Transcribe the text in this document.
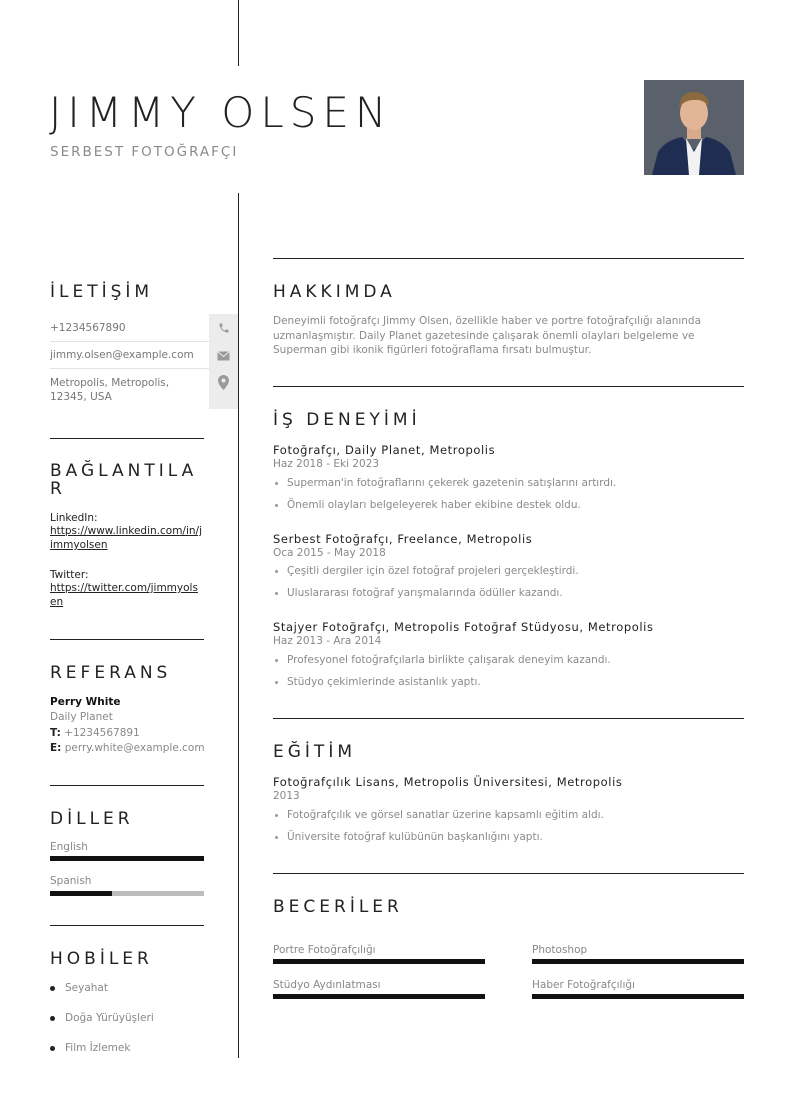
JIMMY OLSEN
SERBEST FOTOĞRAFÇI
İLETİŞİM
+1234567890
jimmy.olsen@example.com
Metropolis, Metropolis, 12345, USA
BAĞLANTILAR
LinkedIn:
https://www.linkedin.com/in/jimmyolsen
Twitter:
https://twitter.com/jimmyolsen
REFERANS
Perry White
Daily Planet
T: +1234567891
E: perry.white@example.com
DİLLER
English
Spanish
HOBİLER
Seyahat
Doğa Yürüyüşleri
Film İzlemek
HAKKIMDA
Deneyimli fotoğrafçı Jimmy Olsen, özellikle haber ve portre fotoğrafçılığı alanında uzmanlaşmıştır. Daily Planet gazetesinde çalışarak önemli olayları belgeleme ve Superman gibi ikonik figürleri fotoğraflama fırsatı bulmuştur.
İŞ DENEYİMİ
Fotoğrafçı, Daily Planet, Metropolis
Haz 2018 - Eki 2023
Superman'in fotoğraflarını çekerek gazetenin satışlarını artırdı.
Önemli olayları belgeleyerek haber ekibine destek oldu.
Serbest Fotoğrafçı, Freelance, Metropolis
Oca 2015 - May 2018
Çeşitli dergiler için özel fotoğraf projeleri gerçekleştirdi.
Uluslararası fotoğraf yarışmalarında ödüller kazandı.
Stajyer Fotoğrafçı, Metropolis Fotoğraf Stüdyosu, Metropolis
Haz 2013 - Ara 2014
Profesyonel fotoğrafçılarla birlikte çalışarak deneyim kazandı.
Stüdyo çekimlerinde asistanlık yaptı.
EĞİTİM
Fotoğrafçılık Lisans, Metropolis Üniversitesi, Metropolis
2013
Fotoğrafçılık ve görsel sanatlar üzerine kapsamlı eğitim aldı.
Üniversite fotoğraf kulübünün başkanlığını yaptı.
BECERİLER
Portre Fotoğrafçılığı	Photoshop
Stüdyo Aydınlatması	Haber Fotoğrafçılığı
